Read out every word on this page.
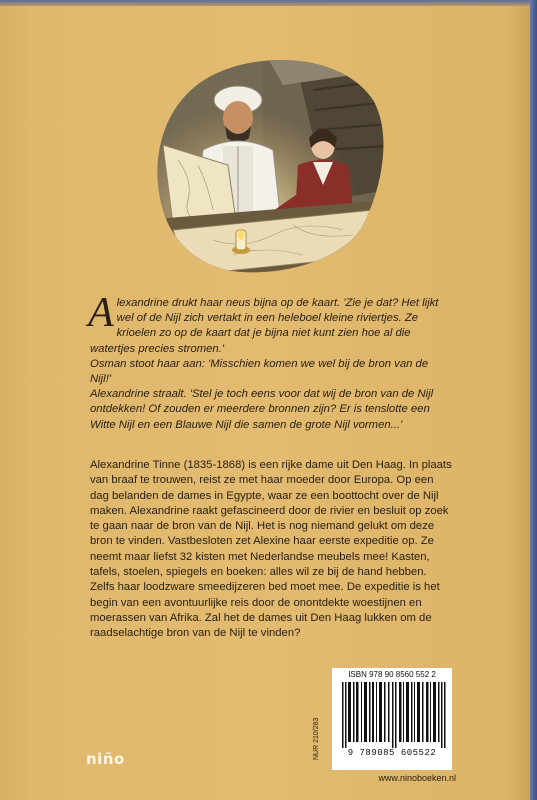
A lexandrine drukt haar neus bijna op de kaart. 'Zie je dat? Het lijkt wel of de Nijl zich vertakt in een heleboel kleine riviertjes. Ze krioelen zo op de kaart dat je bijna niet kunt zien hoe al die watertjes precies stromen.'

Osman stoot haar aan: 'Misschien komen we wel bij de bron van de Nijl!'

Alexandrine straalt. 'Stel je toch eens voor dat wij de bron van de Nijl ontdekken! Of zouden er meerdere bronnen zijn? Er is tenslotte een Witte Nijl en een Blauwe Nijl die samen de grote Nijl vormen...'

Alexandrine Tinne (1835-1868) is een rijke dame uit Den Haag. In plaats van braaf te trouwen, reist ze met haar moeder door Europa. Op een dag belanden de dames in Egypte, waar ze een boottocht over de Nijl maken. Alexandrine raakt gefascineerd door de rivier en besluit op zoek te gaan naar de bron van de Nijl. Het is nog niemand gelukt om deze bron te vinden. Vastbesloten zet Alexine haar eerste expeditie op. Ze neemt maar liefst 32 kisten met Nederlandse meubels mee! Kasten, tafels, stoelen, spiegels en boeken: alles wil ze bij de hand hebben. Zelfs haar loodzware smeedijzeren bed moet mee. De expeditie is het begin van een avontuurlijke reis door de onontdekte woestijnen en moerassen van Afrika. Zal het de dames uit Den Haag lukken om de raadselachtige bron van de Nijl te vinden?

NUR 210/283
ISBN 978 90 8560 552 2
9 789085 605522
www.ninoboeken.nl
niño
